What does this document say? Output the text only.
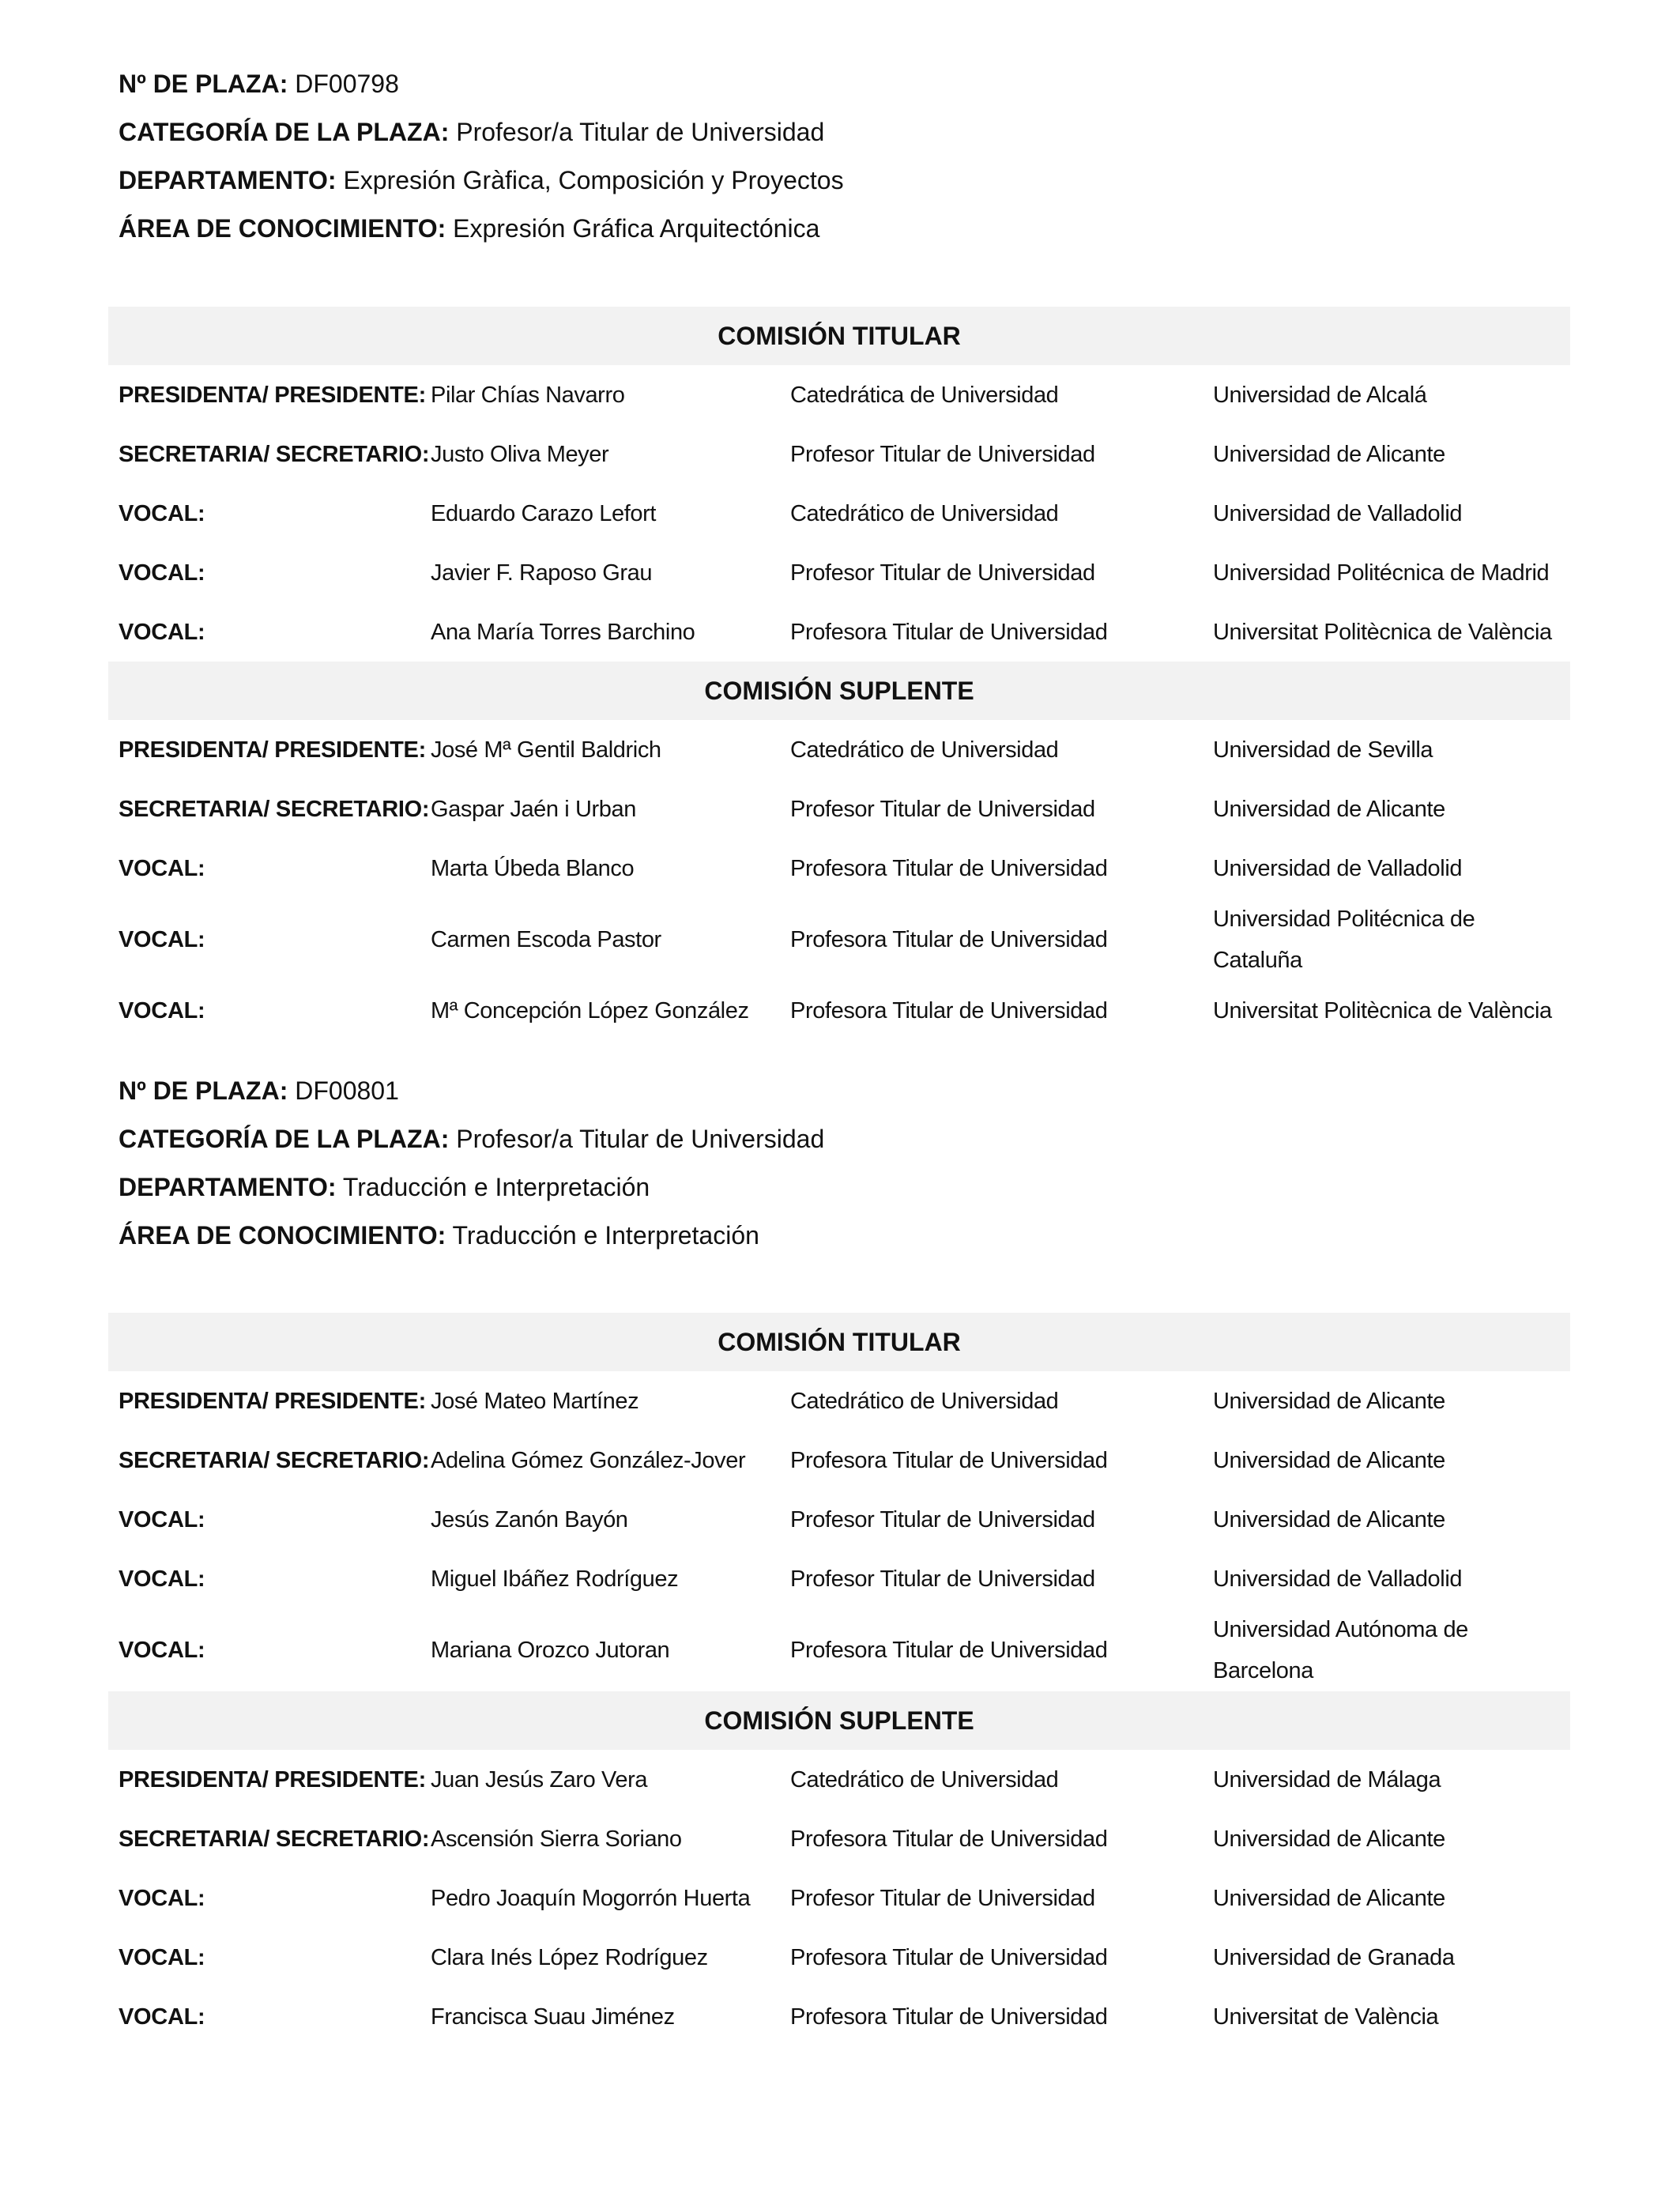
Nº DE PLAZA: DF00798
CATEGORÍA DE LA PLAZA: Profesor/a Titular de Universidad
DEPARTAMENTO: Expresión Gràfica, Composición y Proyectos
ÁREA DE CONOCIMIENTO: Expresión Gráfica Arquitectónica
COMISIÓN TITULAR			
PRESIDENTA/ PRESIDENTE:	Pilar Chías Navarro	Catedrática de Universidad	Universidad de Alcalá
SECRETARIA/ SECRETARIO:	Justo Oliva Meyer	Profesor Titular de Universidad	Universidad de Alicante
VOCAL:	Eduardo Carazo Lefort	Catedrático de Universidad	Universidad de Valladolid
VOCAL:	Javier F. Raposo Grau	Profesor Titular de Universidad	Universidad Politécnica de Madrid
VOCAL:	Ana María Torres Barchino	Profesora Titular de Universidad	Universitat Politècnica de València
COMISIÓN SUPLENTE			
PRESIDENTA/ PRESIDENTE:	José Mª Gentil Baldrich	Catedrático de Universidad	Universidad de Sevilla
SECRETARIA/ SECRETARIO:	Gaspar Jaén i Urban	Profesor Titular de Universidad	Universidad de Alicante
VOCAL:	Marta Úbeda Blanco	Profesora Titular de Universidad	Universidad de Valladolid
VOCAL:	Carmen Escoda Pastor	Profesora Titular de Universidad	Universidad Politécnica de Cataluña
VOCAL:	Mª Concepción López González	Profesora Titular de Universidad	Universitat Politècnica de València
Nº DE PLAZA: DF00801
CATEGORÍA DE LA PLAZA: Profesor/a Titular de Universidad
DEPARTAMENTO: Traducción e Interpretación
ÁREA DE CONOCIMIENTO: Traducción e Interpretación
COMISIÓN TITULAR			
PRESIDENTA/ PRESIDENTE:	José Mateo Martínez	Catedrático de Universidad	Universidad de Alicante
SECRETARIA/ SECRETARIO:	Adelina Gómez González-Jover	Profesora Titular de Universidad	Universidad de Alicante
VOCAL:	Jesús Zanón Bayón	Profesor Titular de Universidad	Universidad de Alicante
VOCAL:	Miguel Ibáñez Rodríguez	Profesor Titular de Universidad	Universidad de Valladolid
VOCAL:	Mariana Orozco Jutoran	Profesora Titular de Universidad	Universidad Autónoma de Barcelona
COMISIÓN SUPLENTE			
PRESIDENTA/ PRESIDENTE:	Juan Jesús Zaro Vera	Catedrático de Universidad	Universidad de Málaga
SECRETARIA/ SECRETARIO:	Ascensión Sierra Soriano	Profesora Titular de Universidad	Universidad de Alicante
VOCAL:	Pedro Joaquín Mogorrón Huerta	Profesor Titular de Universidad	Universidad de Alicante
VOCAL:	Clara Inés López Rodríguez	Profesora Titular de Universidad	Universidad de Granada
VOCAL:	Francisca Suau Jiménez	Profesora Titular de Universidad	Universitat de València
